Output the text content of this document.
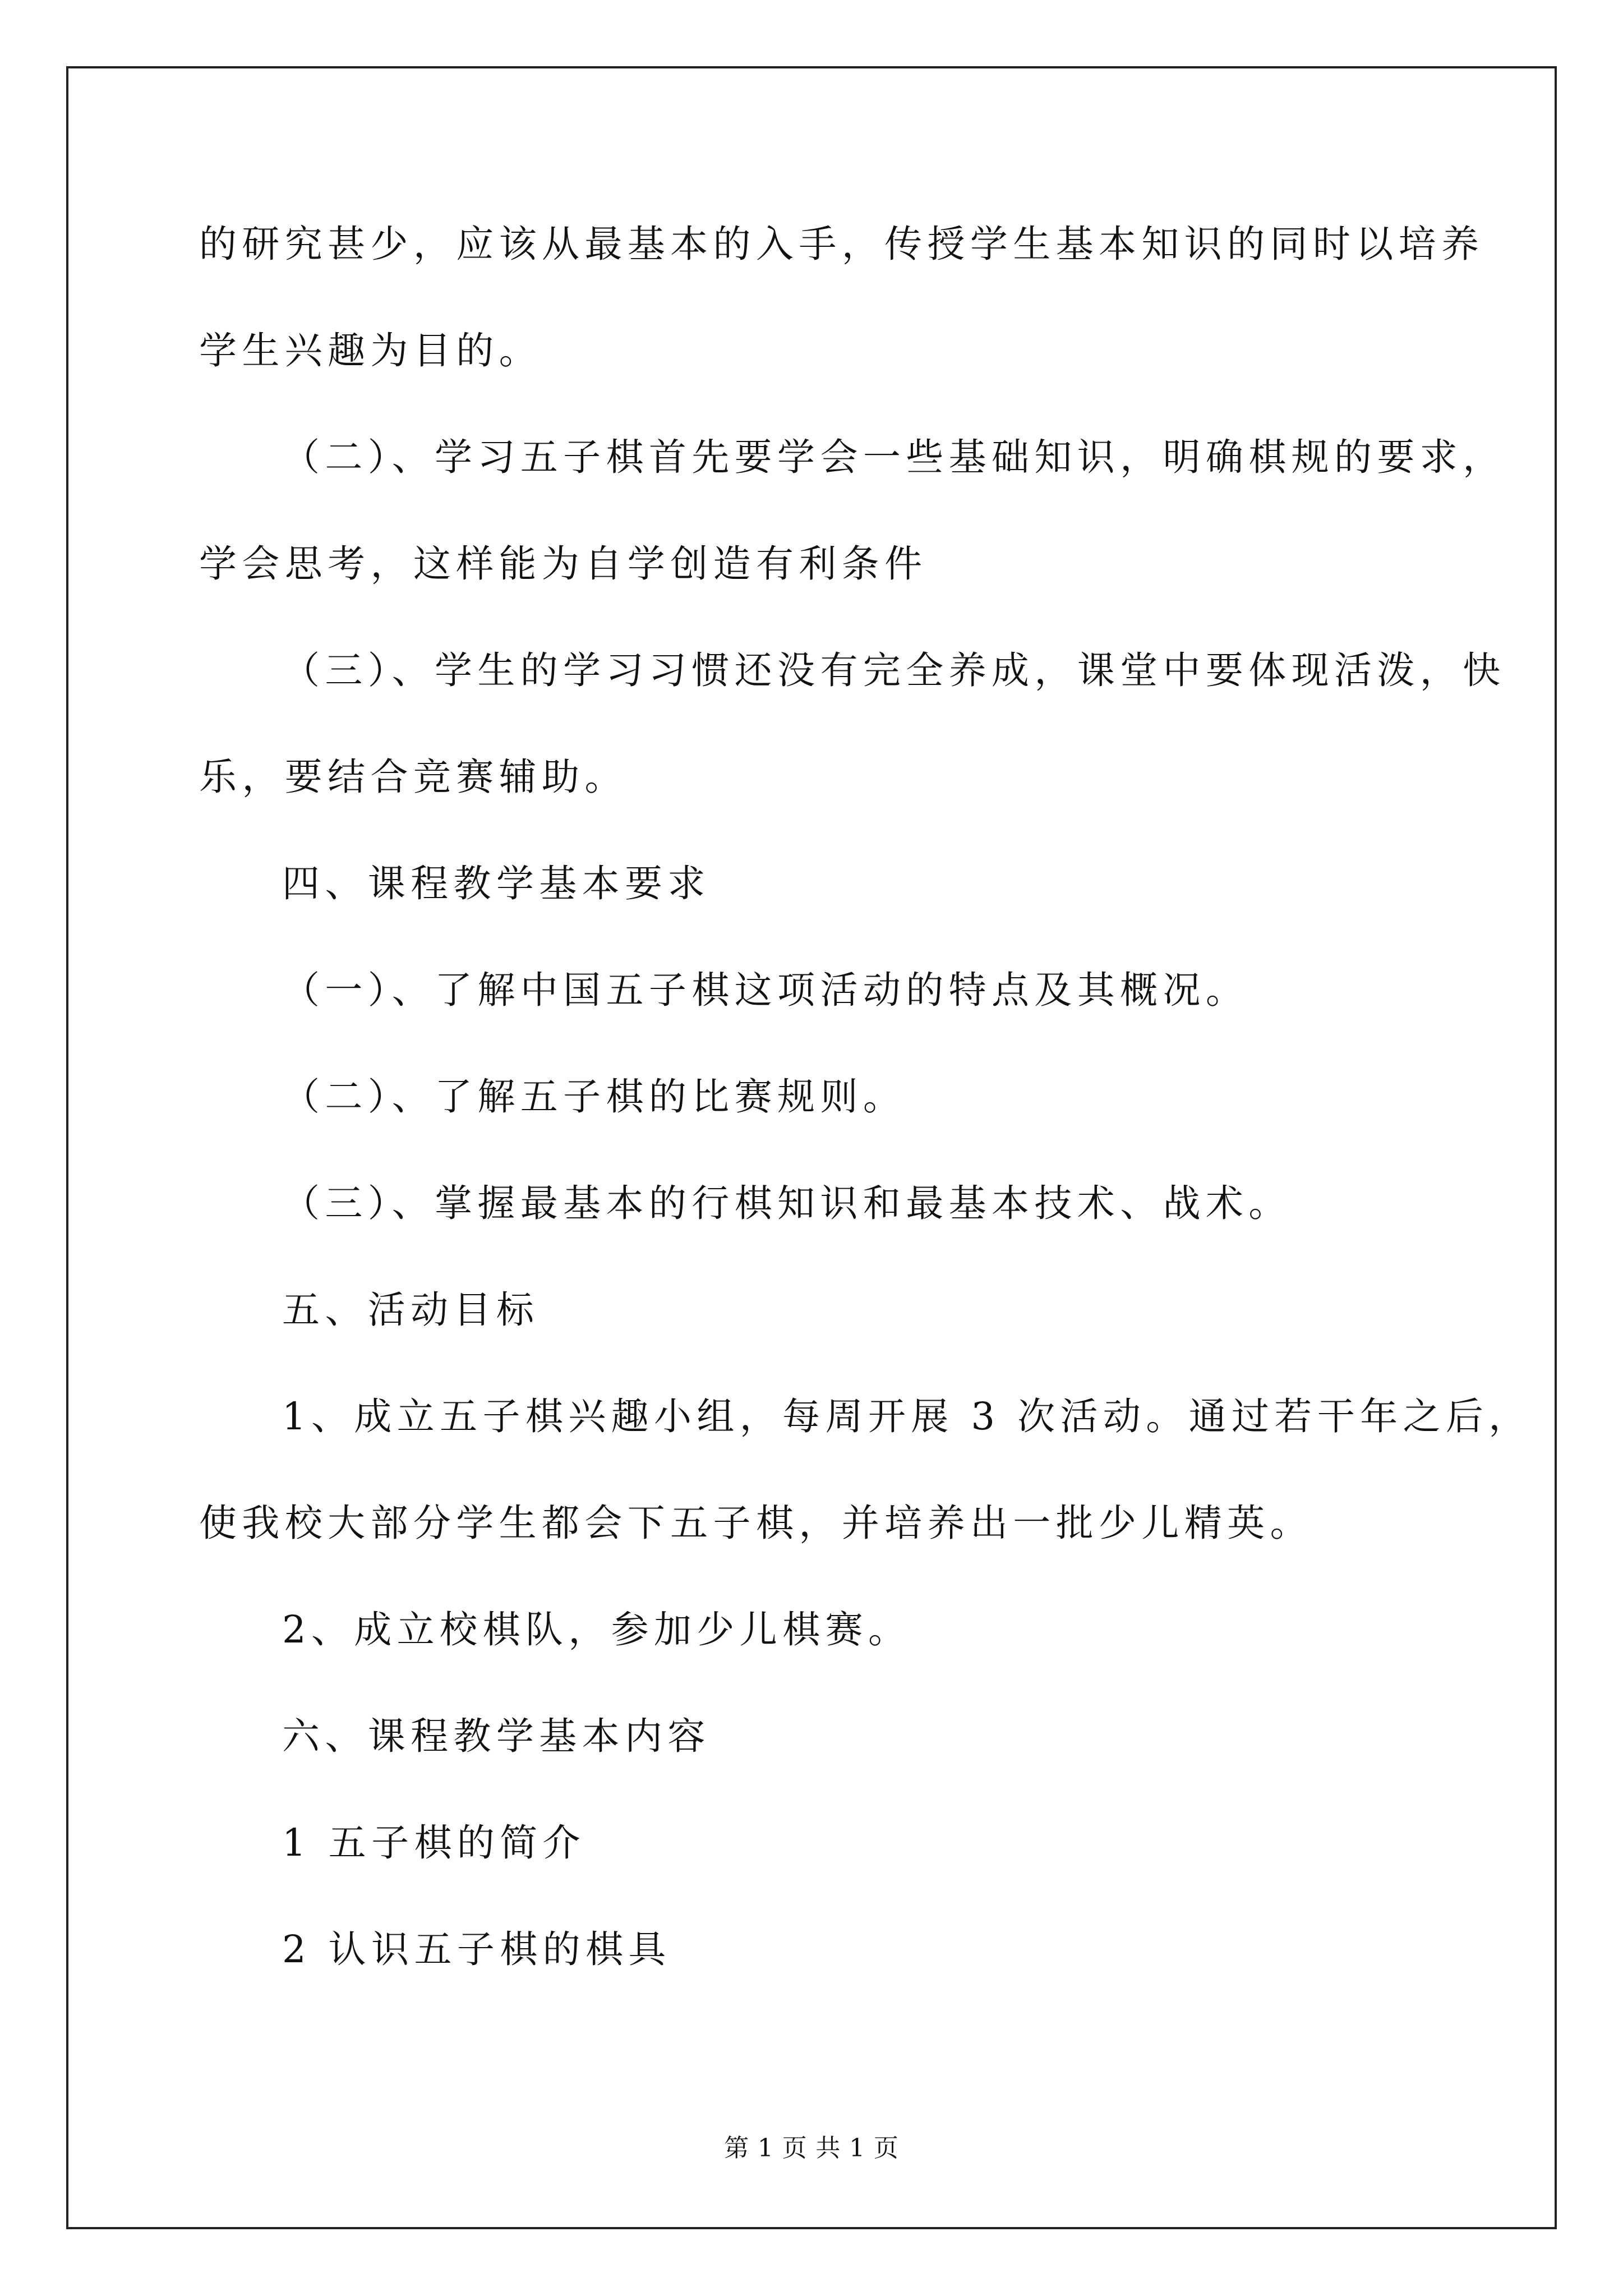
的研究甚少，应该从最基本的入手，传授学生基本知识的同时以培养
学生兴趣为目的。
（二）、学习五子棋首先要学会一些基础知识，明确棋规的要求，
学会思考，这样能为自学创造有利条件
（三）、学生的学习习惯还没有完全养成，课堂中要体现活泼，快
乐，要结合竞赛辅助。
四、课程教学基本要求
（一）、了解中国五子棋这项活动的特点及其概况。
（二）、了解五子棋的比赛规则。
（三）、掌握最基本的行棋知识和最基本技术、战术。
五、活动目标
1、成立五子棋兴趣小组，每周开展 3 次活动。通过若干年之后，
使我校大部分学生都会下五子棋，并培养出一批少儿精英。
2、成立校棋队，参加少儿棋赛。
六、课程教学基本内容
1 五子棋的简介
2 认识五子棋的棋具
第 1 页 共 1 页
